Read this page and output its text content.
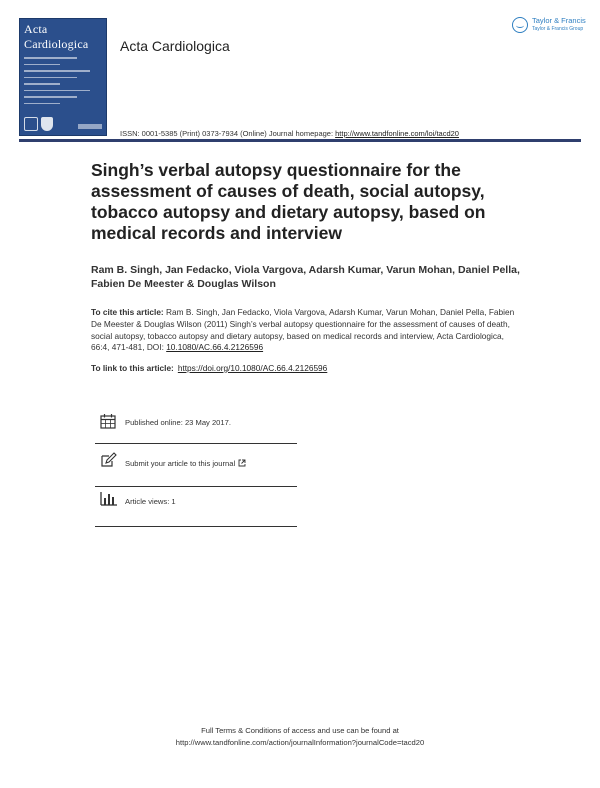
Acta Cardiologica	Acta Cardiologica
Taylor & Francis
Taylor & Francis Group
ISSN: 0001-5385 (Print) 0373-7934 (Online) Journal homepage: http://www.tandfonline.com/loi/tacd20
Singh’s verbal autopsy questionnaire for the assessment of causes of death, social autopsy, tobacco autopsy and dietary autopsy, based on medical records and interview
Ram B. Singh, Jan Fedacko, Viola Vargova, Adarsh Kumar, Varun Mohan, Daniel Pella, Fabien De Meester & Douglas Wilson
To cite this article: Ram B. Singh, Jan Fedacko, Viola Vargova, Adarsh Kumar, Varun Mohan, Daniel Pella, Fabien De Meester & Douglas Wilson (2011) Singh’s verbal autopsy questionnaire for the assessment of causes of death, social autopsy, tobacco autopsy and dietary autopsy, based on medical records and interview, Acta Cardiologica, 66:4, 471-481, DOI: 10.1080/AC.66.4.2126596
To link to this article: https://doi.org/10.1080/AC.66.4.2126596
Published online: 23 May 2017.
Submit your article to this journal
Article views: 1
Full Terms & Conditions of access and use can be found at
http://www.tandfonline.com/action/journalInformation?journalCode=tacd20
